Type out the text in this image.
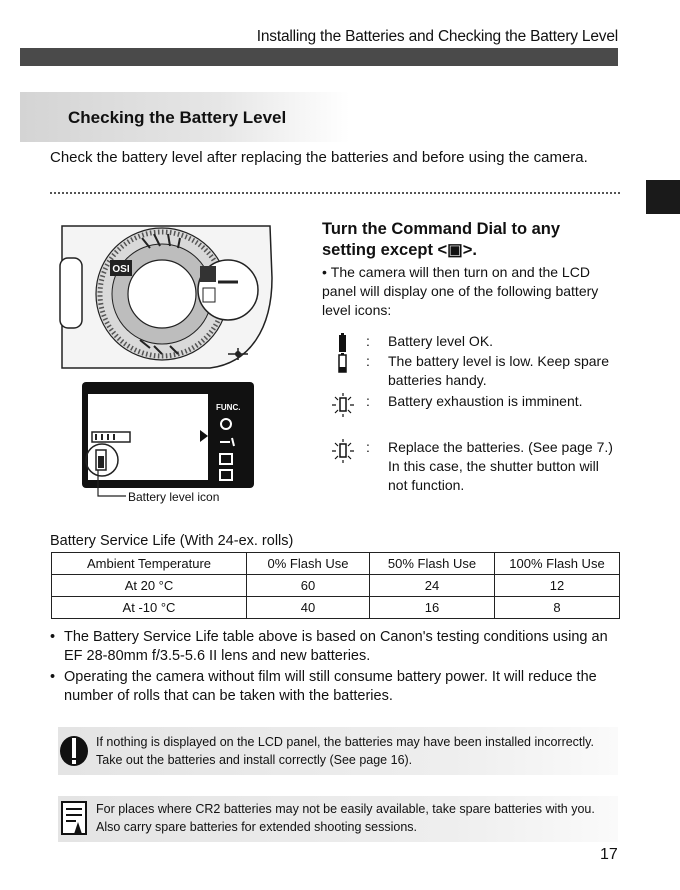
Installing the Batteries and Checking the Battery Level
Checking the Battery Level
Check the battery level after replacing the batteries and before using the camera.
OSI
FUNC.
Battery level icon
Turn the Command Dial to any
setting except <▣>.
• The camera will then turn on and the LCD panel will display one of the following battery level icons:
: Battery level OK.
: The battery level is low. Keep spare batteries handy.
: Battery exhaustion is imminent.
: Replace the batteries. (See page 7.) In this case, the shutter button will not function.
Battery Service Life (With 24-ex. rolls)
Ambient Temperature	0% Flash Use	50% Flash Use	100% Flash Use
At 20 °C	60	24	12
At -10 °C	40	16	8
• The Battery Service Life table above is based on Canon's testing conditions using an EF 28-80mm f/3.5-5.6 II lens and new batteries.
• Operating the camera without film will still consume battery power. It will reduce the number of rolls that can be taken with the batteries.
If nothing is displayed on the LCD panel, the batteries may have been installed incorrectly. Take out the batteries and install correctly (See page 16).
For places where CR2 batteries may not be easily available, take spare batteries with you. Also carry spare batteries for extended shooting sessions.
17
